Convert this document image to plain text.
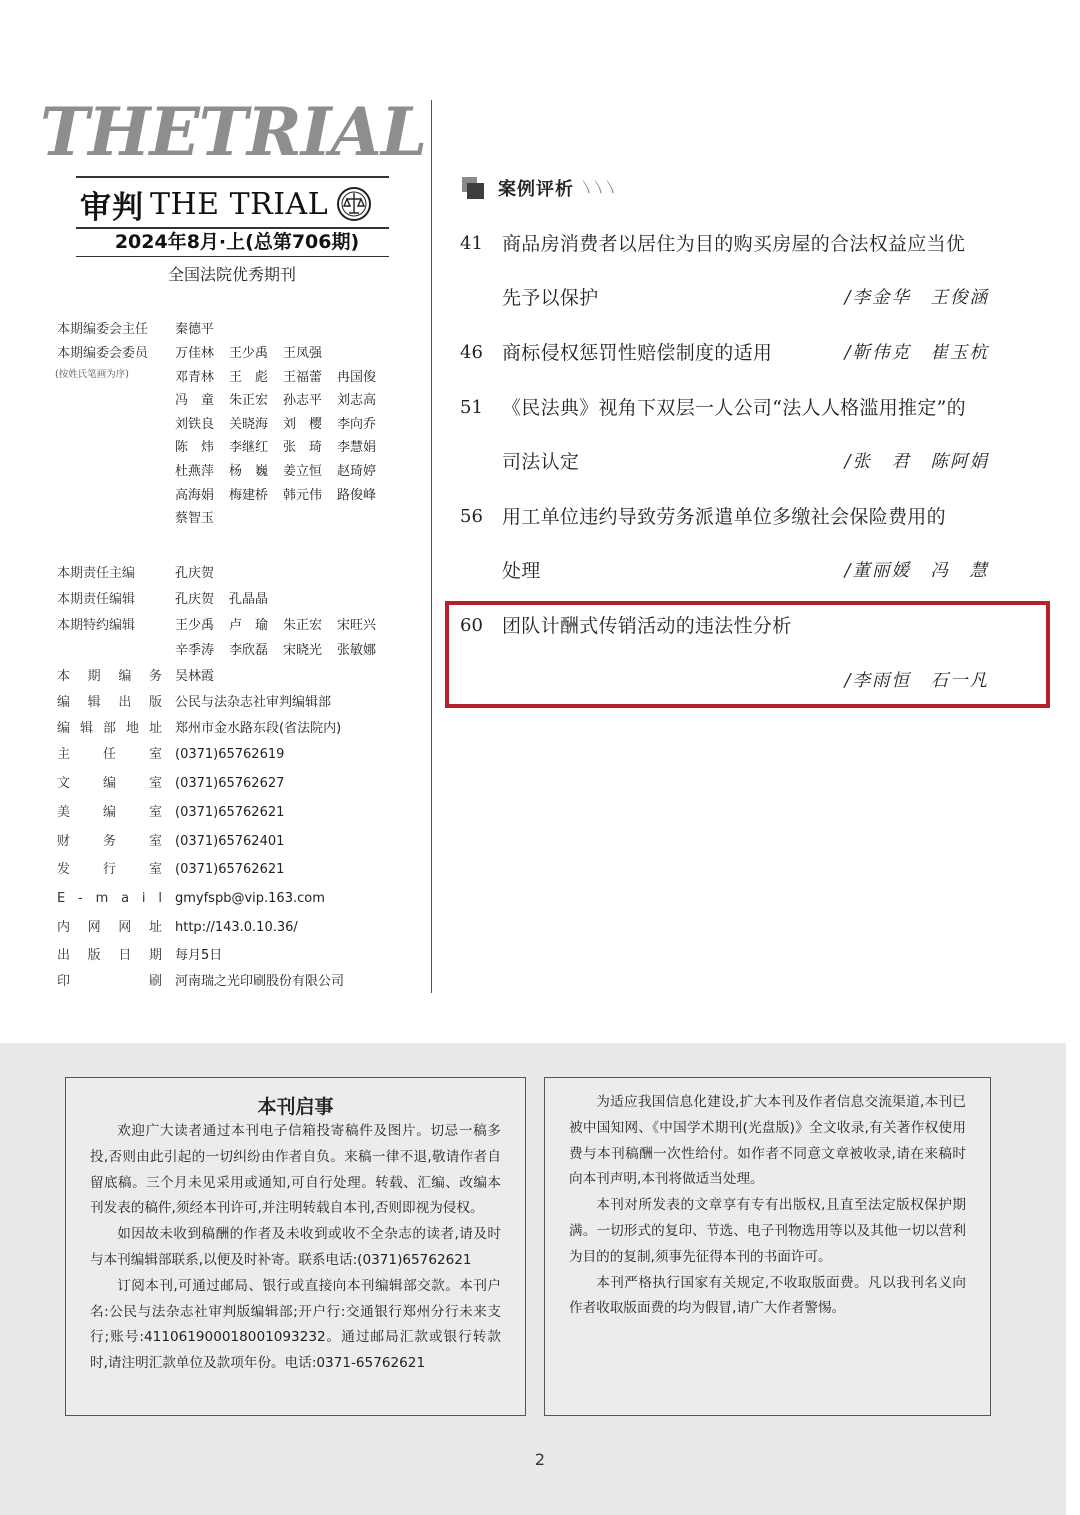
THETRIAL
审判 THE TRIAL
2024年8月·上(总第706期)
全国法院优秀期刊
本期编委会主任 秦德平
本期编委会委员
(按姓氏笔画为序)
万佳林	王少禹	王凤强
邓青林	王　彪	王福蕾	冉国俊
冯　童	朱正宏	孙志平	刘志高
刘铁良	关晓海	刘　樱	李向乔
陈　炜	李继红	张　琦	李慧娟
杜燕萍	杨　巍	姜立恒	赵琦婷
高海娟	梅建桥	韩元伟	路俊峰
蔡智玉
本期责任主编	孔庆贺
本期责任编辑	孔庆贺 孔晶晶
本期特约编辑	王少禹 卢　瑜 朱正宏 宋旺兴
辛季涛 李欣磊 宋晓光 张敏娜
本 期 编 务 吴林霞
编 辑 出 版 公民与法杂志社审判编辑部
编 辑 部 地 址 郑州市金水路东段(省法院内)
主	任	室 (0371)65762619
文	编	室 (0371)65762627
美	编	室 (0371)65762621
财	务	室 (0371)65762401
发	行	室 (0371)65762621
E - m a i l gmyfspb@vip.163.com
内 网 网 址 http://143.0.10.36/
出 版 日 期 每月5日
印	刷 河南瑞之光印刷股份有限公司
案例评析 〵〵〵
41	商品房消费者以居住为目的购买房屋的合法权益应当优
先予以保护	/李金华　王俊涵
46	商标侵权惩罚性赔偿制度的适用	/靳伟克　崔玉杭
51	《民法典》视角下双层一人公司“法人人格滥用推定”的
司法认定	/张　君　陈阿娟
56	用工单位违约导致劳务派遣单位多缴社会保险费用的
处理	/董丽媛　冯　慧
60	团队计酬式传销活动的违法性分析
/李雨恒　石一凡
本刊启事

欢迎广大读者通过本刊电子信箱投寄稿件及图片。切忌一稿多投,否则由此引起的一切纠纷由作者自负。来稿一律不退,敬请作者自留底稿。三个月未见采用或通知,可自行处理。转载、汇编、改编本刊发表的稿件,须经本刊许可,并注明转载自本刊,否则即视为侵权。

如因故未收到稿酬的作者及未收到或收不全杂志的读者,请及时与本刊编辑部联系,以便及时补寄。联系电话:(0371)65762621

订阅本刊,可通过邮局、银行或直接向本刊编辑部交款。本刊户名:公民与法杂志社审判版编辑部;开户行:交通银行郑州分行未来支行;账号:411061900018001093232。通过邮局汇款或银行转款时,请注明汇款单位及款项年份。电话:0371-65762621

为适应我国信息化建设,扩大本刊及作者信息交流渠道,本刊已被中国知网、《中国学术期刊(光盘版)》全文收录,有关著作权使用费与本刊稿酬一次性给付。如作者不同意文章被收录,请在来稿时向本刊声明,本刊将做适当处理。

本刊对所发表的文章享有专有出版权,且直至法定版权保护期满。一切形式的复印、节选、电子刊物选用等以及其他一切以营利为目的的复制,须事先征得本刊的书面许可。

本刊严格执行国家有关规定,不收取版面费。凡以我刊名义向作者收取版面费的均为假冒,请广大作者警惕。

2
